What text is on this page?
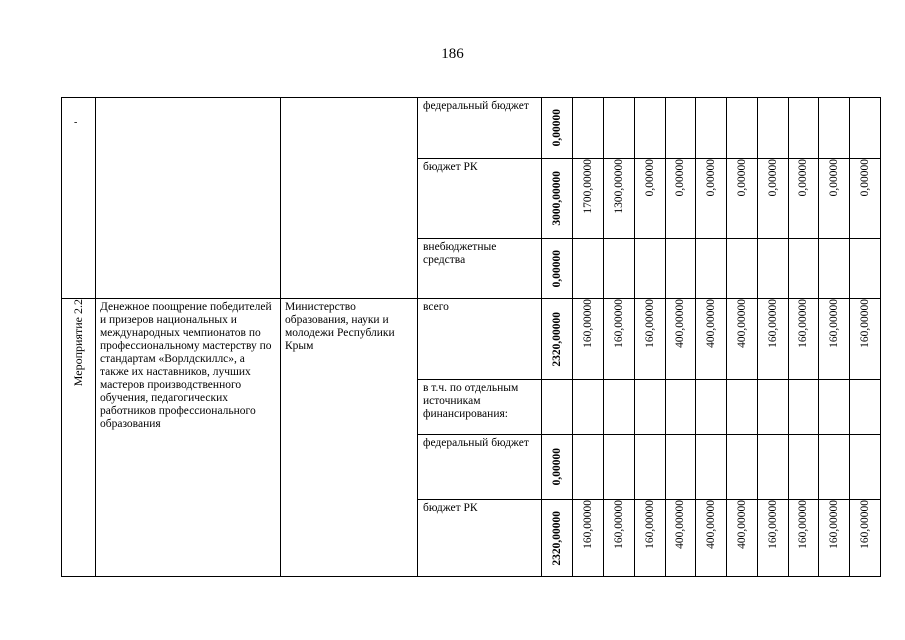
186
-			федеральный бюджет	0,00000										

			бюджет РК	3000,00000	1700,00000	1300,00000	0,00000	0,00000	0,00000	0,00000	0,00000	0,00000	0,00000	0,00000

			внебюджетные средства	0,00000										

Мероприятие 2.2	Денежное поощрение победителей и призеров национальных и международных чемпионатов по профессиональному мастерству по стандартам «Ворлдскиллс», а также их наставников, лучших мастеров производственного обучения, педагогических работников профессионального образования	Министерство образования, науки и молодежи Республики Крым	всего	2320,00000	160,00000	160,00000	160,00000	400,00000	400,00000	400,00000	160,00000	160,00000	160,00000	160,00000

			в т.ч. по отдельным источникам финансирования:											

			федеральный бюджет	0,00000										

			бюджет РК	2320,00000	160,00000	160,00000	160,00000	400,00000	400,00000	400,00000	160,00000	160,00000	160,00000	160,00000
